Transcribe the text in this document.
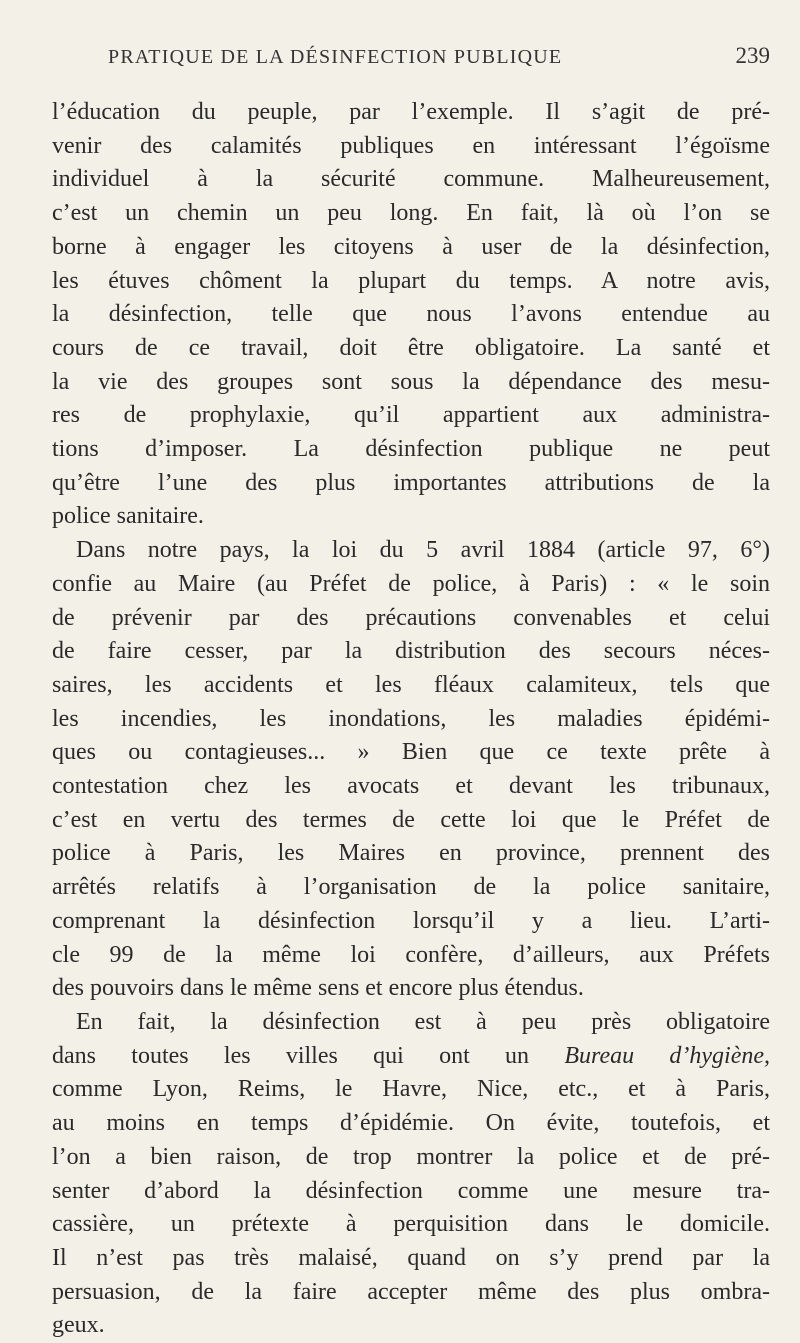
PRATIQUE DE LA DÉSINFECTION PUBLIQUE	239
l’éducation du peuple, par l’exemple. Il s’agit de pré-
venir des calamités publiques en intéressant l’égoïsme
individuel à la sécurité commune. Malheureusement,
c’est un chemin un peu long. En fait, là où l’on se
borne à engager les citoyens à user de la désinfection,
les étuves chôment la plupart du temps. A notre avis,
la désinfection, telle que nous l’avons entendue au
cours de ce travail, doit être obligatoire. La santé et
la vie des groupes sont sous la dépendance des mesu-
res de prophylaxie, qu’il appartient aux administra-
tions d’imposer. La désinfection publique ne peut
qu’être l’une des plus importantes attributions de la
police sanitaire.
Dans notre pays, la loi du 5 avril 1884 (article 97, 6°)
confie au Maire (au Préfet de police, à Paris) : « le soin
de prévenir par des précautions convenables et celui
de faire cesser, par la distribution des secours néces-
saires, les accidents et les fléaux calamiteux, tels que
les incendies, les inondations, les maladies épidémi-
ques ou contagieuses... » Bien que ce texte prête à
contestation chez les avocats et devant les tribunaux,
c’est en vertu des termes de cette loi que le Préfet de
police à Paris, les Maires en province, prennent des
arrêtés relatifs à l’organisation de la police sanitaire,
comprenant la désinfection lorsqu’il y a lieu. L’arti-
cle 99 de la même loi confère, d’ailleurs, aux Préfets
des pouvoirs dans le même sens et encore plus étendus.
En fait, la désinfection est à peu près obligatoire
dans toutes les villes qui ont un Bureau d’hygiène,
comme Lyon, Reims, le Havre, Nice, etc., et à Paris,
au moins en temps d’épidémie. On évite, toutefois, et
l’on a bien raison, de trop montrer la police et de pré-
senter d’abord la désinfection comme une mesure tra-
cassière, un prétexte à perquisition dans le domicile.
Il n’est pas très malaisé, quand on s’y prend par la
persuasion, de la faire accepter même des plus ombra-
geux.
